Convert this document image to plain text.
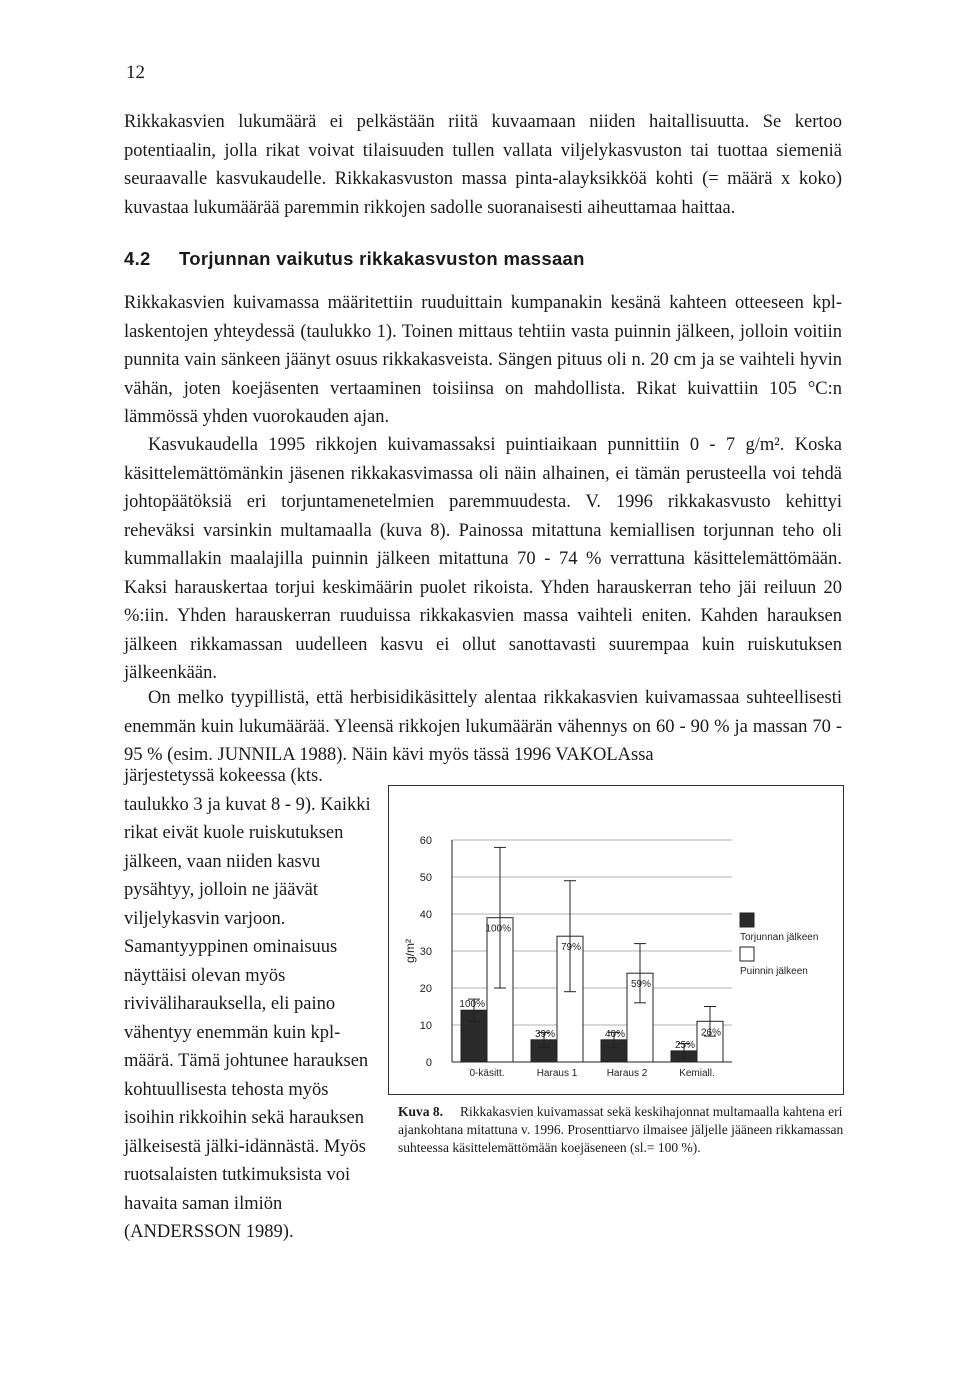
12

Rikkakasvien lukumäärä ei pelkästään riitä kuvaamaan niiden haitallisuutta. Se kertoo potentiaalin, jolla rikat voivat tilaisuuden tullen vallata viljelykasvuston tai tuottaa siemeniä seuraavalle kasvukaudelle. Rikkakasvuston massa pinta-alayksikköä kohti (= määrä x koko) kuvastaa lukumäärää paremmin rikkojen sadolle suoranaisesti aiheuttamaa haittaa.

4.2 Torjunnan vaikutus rikkakasvuston massaan

Rikkakasvien kuivamassa määritettiin ruuduittain kumpanakin kesänä kahteen otteeseen kpl-laskentojen yhteydessä (taulukko 1). Toinen mittaus tehtiin vasta puinnin jälkeen, jolloin voitiin punnita vain sänkeen jäänyt osuus rikkakasveista. Sängen pituus oli n. 20 cm ja se vaihteli hyvin vähän, joten koejäsenten vertaaminen toisiinsa on mahdollista. Rikat kuivattiin 105 °C:n lämmössä yhden vuorokauden ajan.

Kasvukaudella 1995 rikkojen kuivamassaksi puintiaikaan punnittiin 0 - 7 g/m². Koska käsittelemättömänkin jäsenen rikkakasvimassa oli näin alhainen, ei tämän perusteella voi tehdä johtopäätöksiä eri torjuntamenetelmien paremmuudesta. V. 1996 rikkakasvusto kehittyi reheväksi varsinkin multamaalla (kuva 8). Painossa mitattuna kemiallisen torjunnan teho oli kummallakin maalajilla puinnin jälkeen mitattuna 70 - 74 % verrattuna käsittelemättömään. Kaksi harauskertaa torjui keskimäärin puolet rikoista. Yhden harauskerran teho jäi reiluun 20 %:iin. Yhden harauskerran ruuduissa rikkakasvien massa vaihteli eniten. Kahden harauksen jälkeen rikkamassan uudelleen kasvu ei ollut sanottavasti suurempaa kuin ruiskutuksen jälkeenkään.

On melko tyypillistä, että herbisidikäsittely alentaa rikkakasvien kuivamassaa suhteellisesti enemmän kuin lukumäärää. Yleensä rikkojen lukumäärän vähennys on 60 - 90 % ja massan 70 - 95 % (esim. JUNNILA 1988). Näin kävi myös tässä 1996 VAKOLAssa

järjestetyssä kokeessa (kts. taulukko 3 ja kuvat 8 - 9). Kaikki rikat eivät kuole ruiskutuksen jälkeen, vaan niiden kasvu pysähtyy, jolloin ne jäävät viljelykasvin varjoon. Samantyyppinen ominaisuus näyttäisi olevan myös riviväliharauksella, eli paino vähentyy enemmän kuin kpl-määrä. Tämä johtunee harauksen kohtuullisesta tehosta myös isoihin rikkoihin sekä harauksen jälkeisestä jälki-idännästä. Myös ruotsalaisten tutkimuksista voi havaita saman ilmiön (ANDERSSON 1989).

0
10
20
30
40
50
60
g/m²
100%
100%
0-käsitt.
39%
79%
Haraus 1
40%
59%
Haraus 2
25%
26%
Kemiall.
Torjunnan jälkeen
Puinnin jälkeen

Kuva 8. Rikkakasvien kuivamassat sekä keskihajonnat multamaalla kahtena eri ajankohtana mitattuna v. 1996. Prosenttiarvo ilmaisee jäljelle jääneen rikkamassan suhteessa käsittelemättömään koejäseneen (sl.= 100 %).
